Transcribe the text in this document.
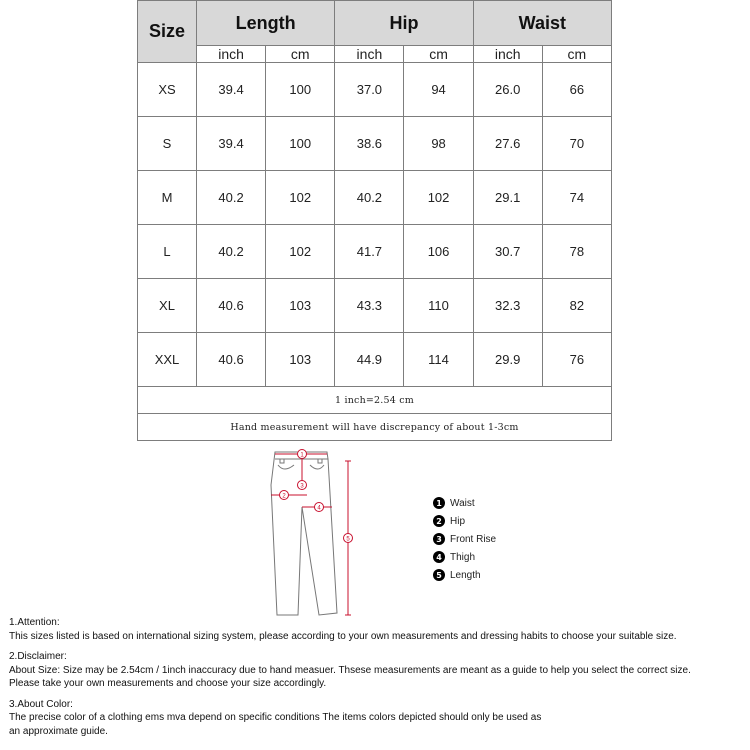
Size	Length		Hip		Waist	
	inch	cm	inch	cm	inch	cm
XS	39.4	100	37.0	94	26.0	66
S	39.4	100	38.6	98	27.6	70
M	40.2	102	40.2	102	29.1	74
L	40.2	102	41.7	106	30.7	78
XL	40.6	103	43.3	110	32.3	82
XXL	40.6	103	44.9	114	29.9	76
1 inch=2.54 cm						
Hand measurement will have discrepancy of about 1-3cm						
1
2
3
4
5
1 Waist
2 Hip
3 Front Rise
4 Thigh
5 Length
1.Attention:
This sizes listed is based on international sizing system, please according to your own measurements and dressing habits to choose your suitable size.
2.Disclaimer:
About Size: Size may be 2.54cm / 1inch inaccuracy due to hand measuer. Thsese measurements are meant as a guide to help you select the correct size.
Please take your own measurements and choose your size accordingly.
3.About Color:
The precise color of a clothing ems mva depend on specific conditions The items colors depicted should only be used as
an approximate guide.
